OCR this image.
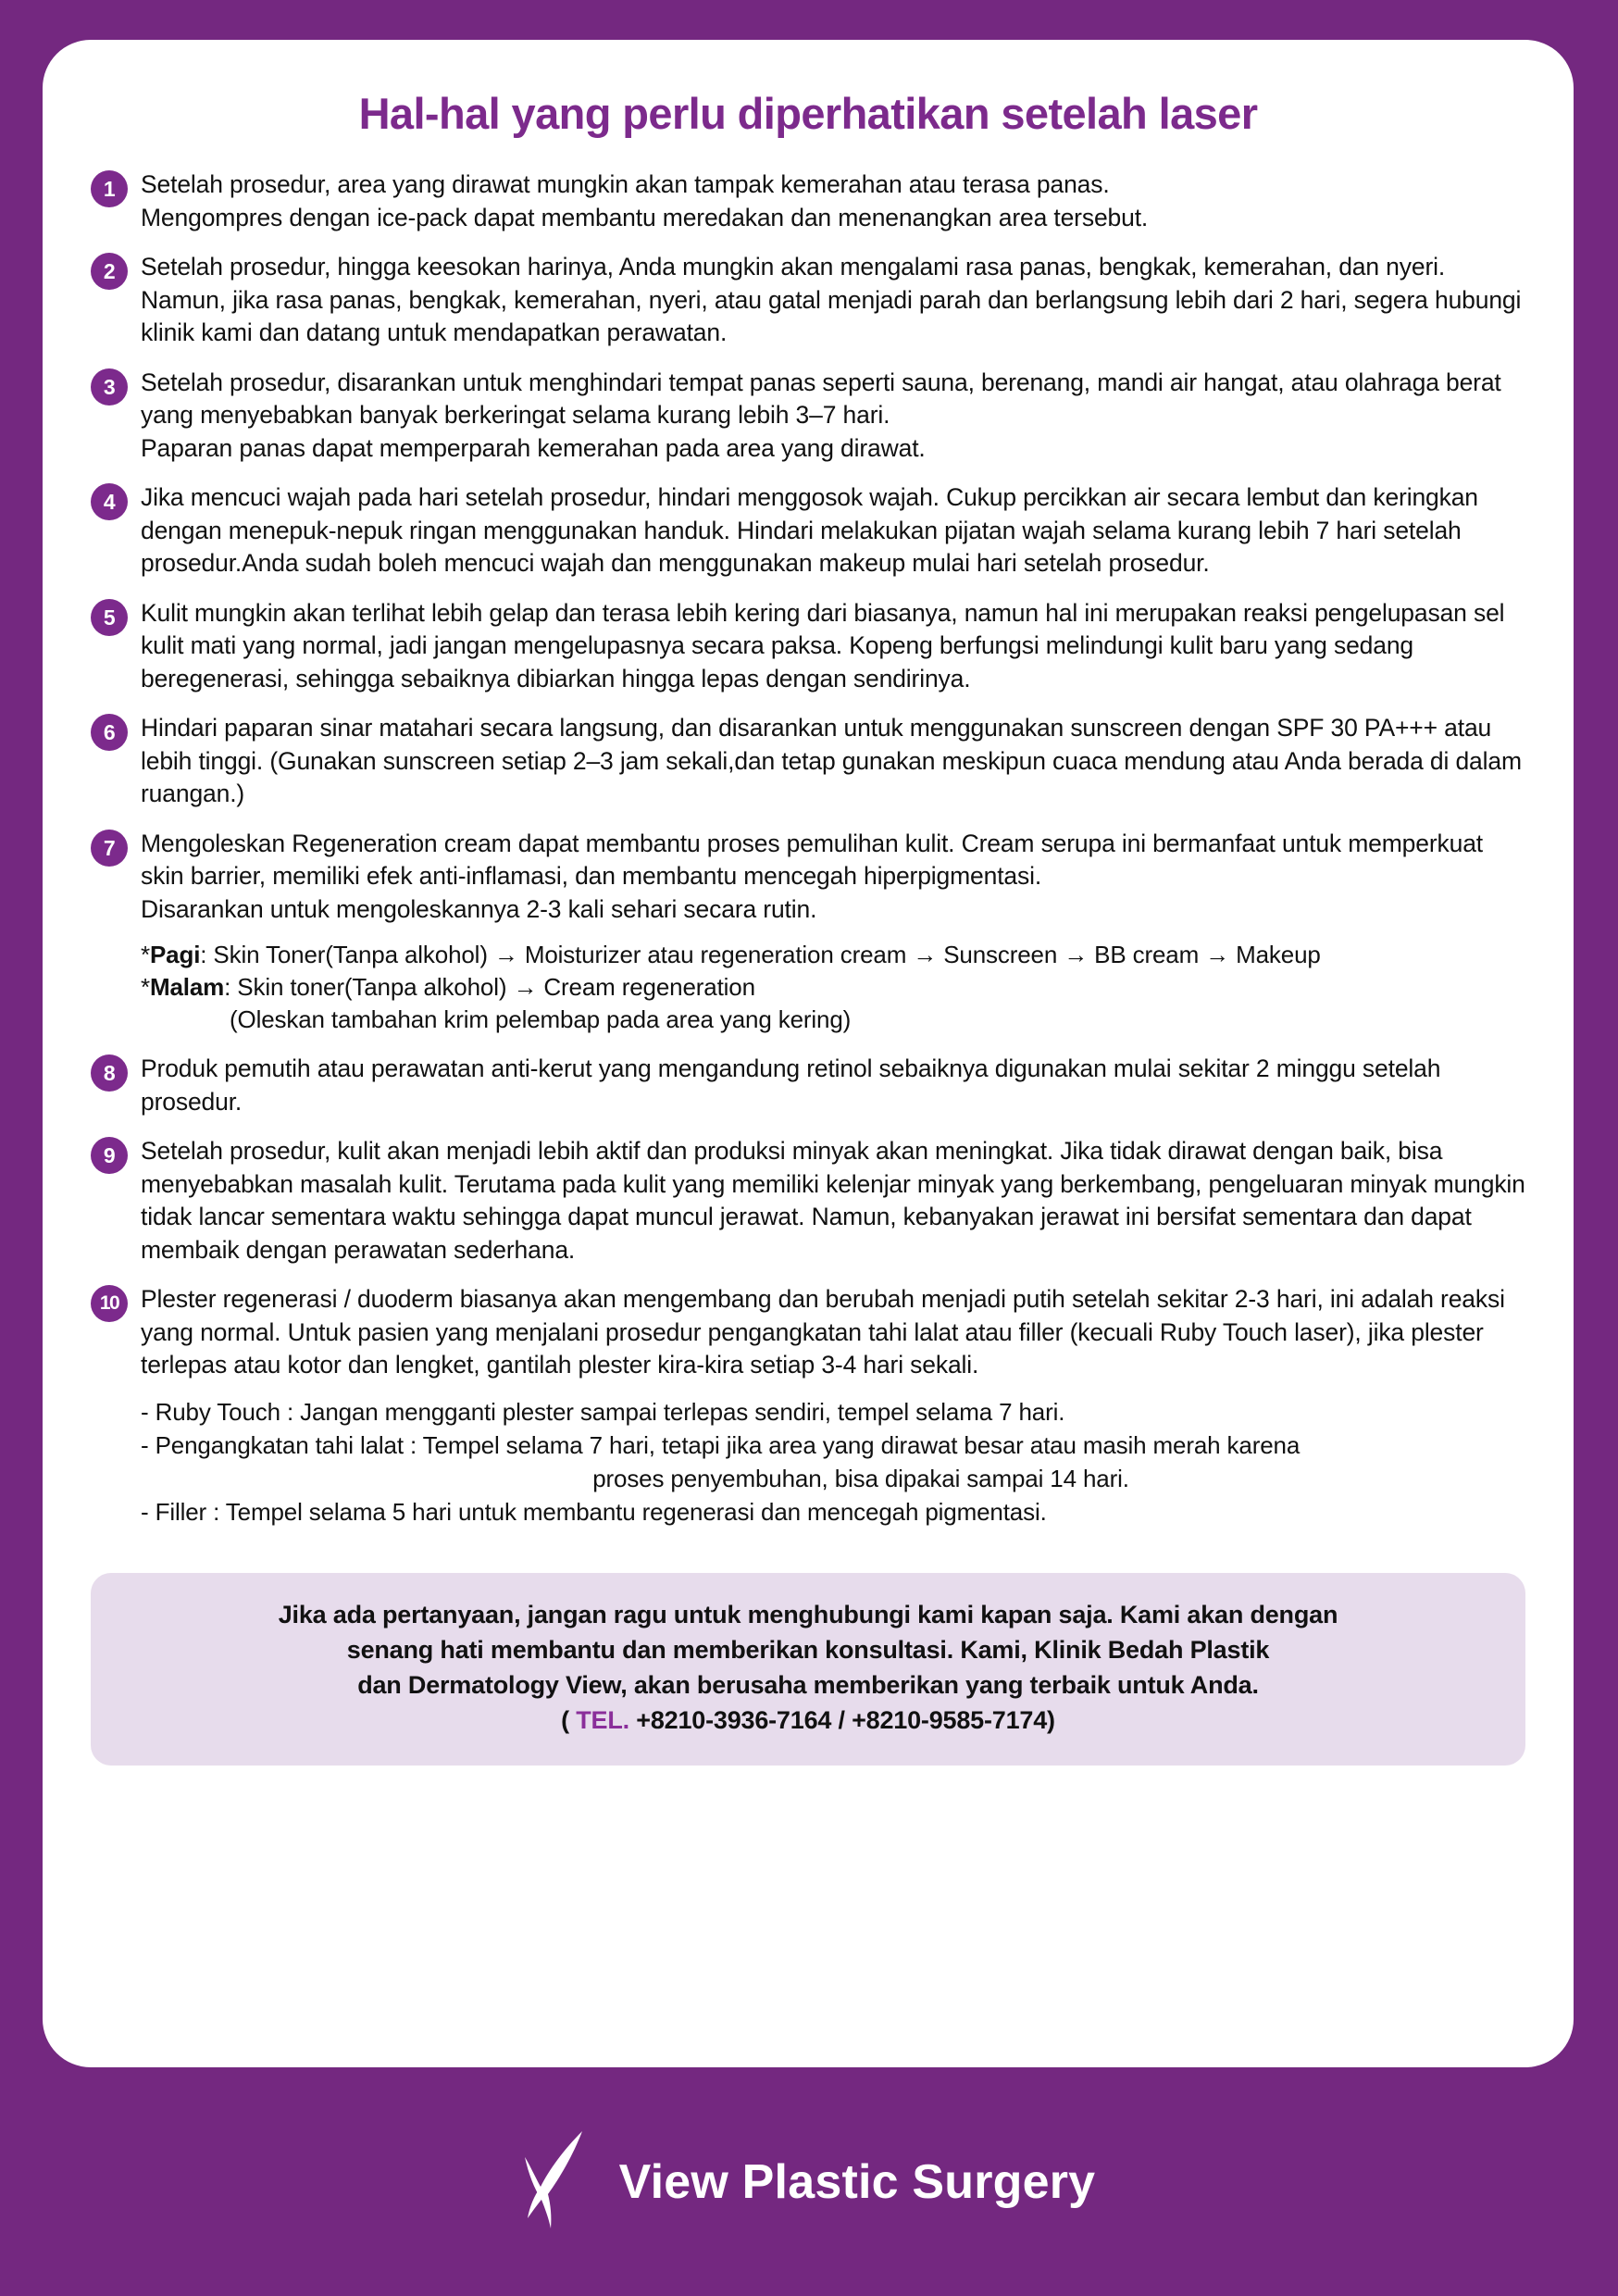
Hal-hal yang perlu diperhatikan setelah laser
1	Setelah prosedur, area yang dirawat mungkin akan tampak kemerahan atau terasa panas.

Mengompres dengan ice-pack dapat membantu meredakan dan menenangkan area tersebut.

2	Setelah prosedur, hingga keesokan harinya, Anda mungkin akan mengalami rasa panas, bengkak, kemerahan, dan nyeri. Namun, jika rasa panas, bengkak, kemerahan, nyeri, atau gatal menjadi parah dan berlangsung lebih dari 2 hari, segera hubungi klinik kami dan datang untuk mendapatkan perawatan.

3	Setelah prosedur, disarankan untuk menghindari tempat panas seperti sauna, berenang, mandi air hangat, atau olahraga berat yang menyebabkan banyak berkeringat selama kurang lebih 3–7 hari.

Paparan panas dapat memperparah kemerahan pada area yang dirawat.

4	Jika mencuci wajah pada hari setelah prosedur, hindari menggosok wajah. Cukup percikkan air secara lembut dan keringkan dengan menepuk-nepuk ringan menggunakan handuk. Hindari melakukan pijatan wajah selama kurang lebih 7 hari setelah prosedur.Anda sudah boleh mencuci wajah dan menggunakan makeup mulai hari setelah prosedur.

5	Kulit mungkin akan terlihat lebih gelap dan terasa lebih kering dari biasanya, namun hal ini merupakan reaksi pengelupasan sel kulit mati yang normal, jadi jangan mengelupasnya secara paksa. Kopeng berfungsi melindungi kulit baru yang sedang beregenerasi, sehingga sebaiknya dibiarkan hingga lepas dengan sendirinya.

6	Hindari paparan sinar matahari secara langsung, dan disarankan untuk menggunakan sunscreen dengan SPF 30 PA+++ atau lebih tinggi. (Gunakan sunscreen setiap 2–3 jam sekali,dan tetap gunakan meskipun cuaca mendung atau Anda berada di dalam ruangan.)

7	Mengoleskan Regeneration cream dapat membantu proses pemulihan kulit. Cream serupa ini bermanfaat untuk memperkuat skin barrier, memiliki efek anti-inflamasi, dan membantu mencegah hiperpigmentasi.

Disarankan untuk mengoleskannya 2-3 kali sehari secara rutin.

*Pagi: Skin Toner(Tanpa alkohol) → Moisturizer atau regeneration cream → Sunscreen → BB cream → Makeup
*Malam: Skin toner(Tanpa alkohol) → Cream regeneration
(Oleskan tambahan krim pelembap pada area yang kering)
8	Produk pemutih atau perawatan anti-kerut yang mengandung retinol sebaiknya digunakan mulai sekitar 2 minggu setelah prosedur.

9	Setelah prosedur, kulit akan menjadi lebih aktif dan produksi minyak akan meningkat. Jika tidak dirawat dengan baik, bisa menyebabkan masalah kulit. Terutama pada kulit yang memiliki kelenjar minyak yang berkembang, pengeluaran minyak mungkin tidak lancar sementara waktu sehingga dapat muncul jerawat. Namun, kebanyakan jerawat ini bersifat sementara dan dapat membaik dengan perawatan sederhana.

10 Plester regenerasi / duoderm biasanya akan mengembang dan berubah menjadi putih setelah sekitar 2-3 hari, ini adalah reaksi yang normal. Untuk pasien yang menjalani prosedur pengangkatan tahi lalat atau filler (kecuali Ruby Touch laser), jika plester terlepas atau kotor dan lengket, gantilah plester kira-kira setiap 3-4 hari sekali.

- Ruby Touch : Jangan mengganti plester sampai terlepas sendiri, tempel selama 7 hari.
- Pengangkatan tahi lalat : Tempel selama 7 hari, tetapi jika area yang dirawat besar atau masih merah karena
proses penyembuhan, bisa dipakai sampai 14 hari.
- Filler : Tempel selama 5 hari untuk membantu regenerasi dan mencegah pigmentasi.

Jika ada pertanyaan, jangan ragu untuk menghubungi kami kapan saja. Kami akan dengan

senang hati membantu dan memberikan konsultasi. Kami, Klinik Bedah Plastik

dan Dermatology View, akan berusaha memberikan yang terbaik untuk Anda.

( TEL. +8210-3936-7164 / +8210-9585-7174)

View Plastic Surgery
